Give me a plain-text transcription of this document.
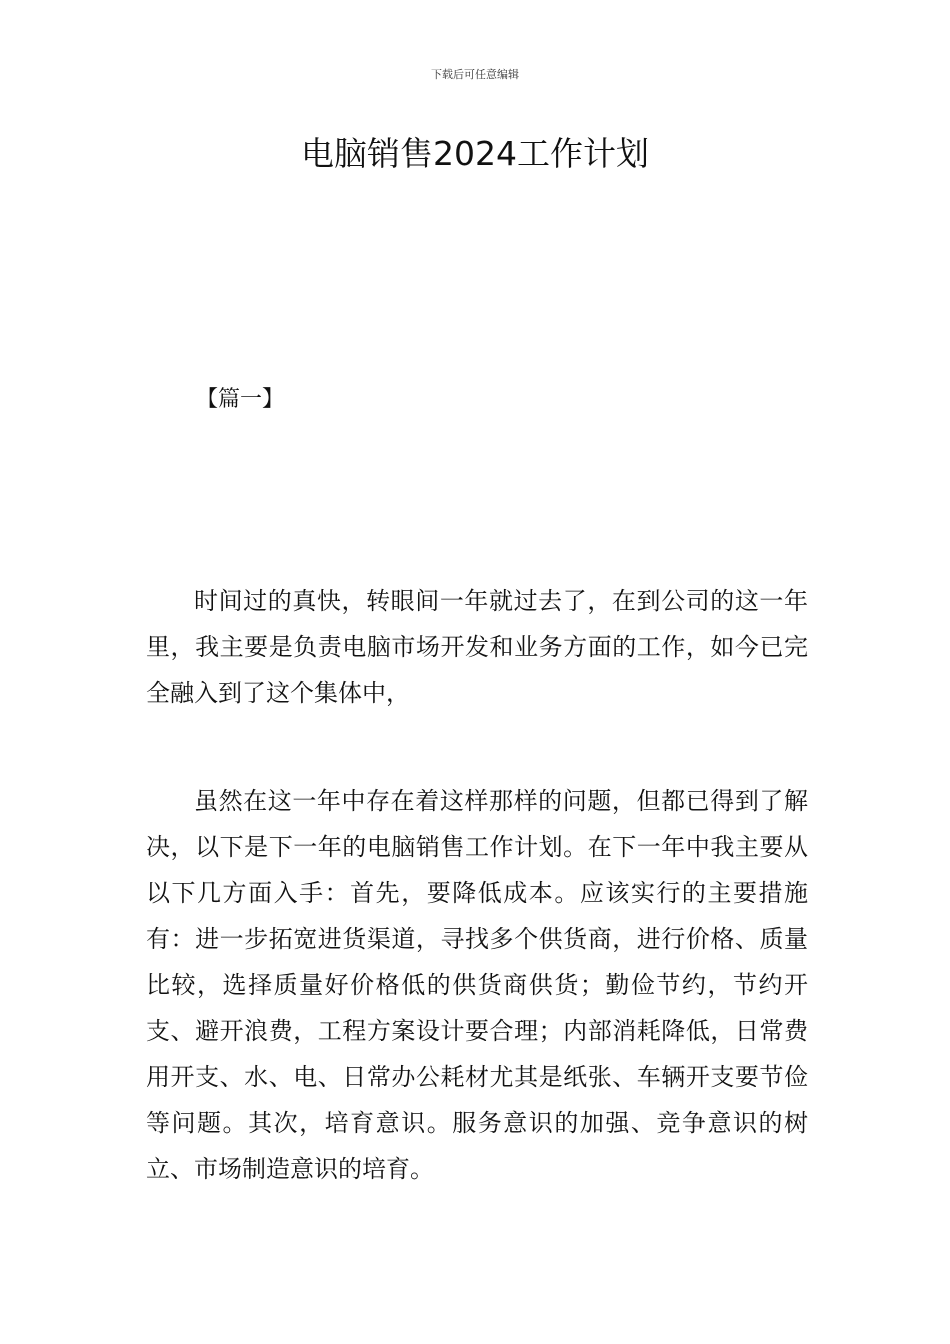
下载后可任意编辑
电脑销售2024工作计划
【篇一】

时间过的真快，转眼间一年就过去了，在到公司的这一年里，我主要是负责电脑市场开发和业务方面的工作，如今已完全融入到了这个集体中，

虽然在这一年中存在着这样那样的问题，但都已得到了解决，以下是下一年的电脑销售工作计划。在下一年中我主要从以下几方面入手：首先，要降低成本。应该实行的主要措施有：进一步拓宽进货渠道，寻找多个供货商，进行价格、质量比较，选择质量好价格低的供货商供货；勤俭节约，节约开支、避开浪费，工程方案设计要合理；内部消耗降低，日常费用开支、水、电、日常办公耗材尤其是纸张、车辆开支要节俭等问题。其次，培育意识。服务意识的加强、竞争意识的树立、市场制造意识的培育。
